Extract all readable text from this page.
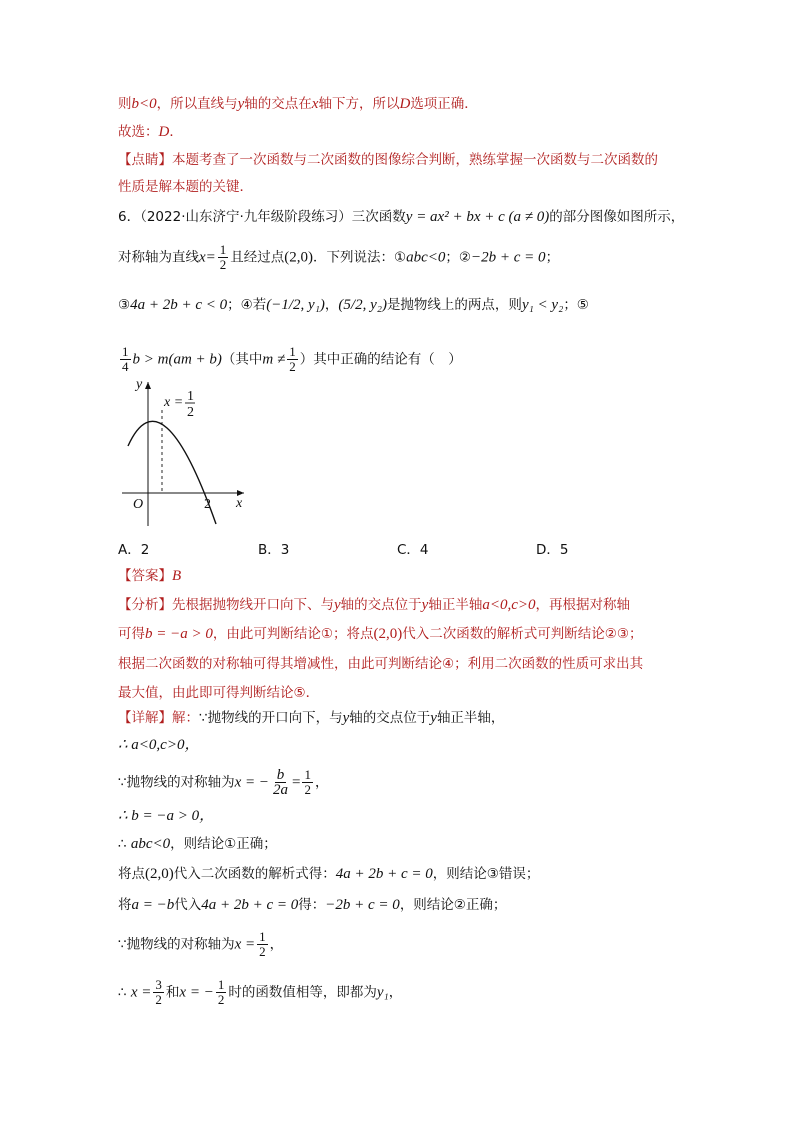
则b<0，所以直线与y轴的交点在x轴下方，所以D选项正确．
故选：D．
【点睛】本题考查了一次函数与二次函数的图像综合判断，熟练掌握一次函数与二次函数的
性质是解本题的关键．
6．（2022·山东济宁·九年级阶段练习）三次函数y = ax² + bx + c (a ≠ 0)的部分图像如图所示，
对称轴为直线$x= \frac{1}{2}$ 且经过点(2,0)．下列说法：①abc<0；②−2b + c = 0；
③4a + 2b + c < 0；④若(−1/2, y₁)，(5/2, y₂)是抛物线上的两点，则y₁ < y₂；⑤
$\frac{1}{4}$ b > m(am + b)（其中$m \ne \frac{1}{2}$ ）其中正确的结论有（　）
y
x
O	2
x = 1
2
A．2	B．3	C．4	D．5
【答案】B
【分析】先根据抛物线开口向下、与y轴的交点位于y轴正半轴a<0,c>0，再根据对称轴
可得b = −a > 0，由此可判断结论①；将点(2,0)代入二次函数的解析式可判断结论②③；
根据二次函数的对称轴可得其增减性，由此可判断结论④；利用二次函数的性质可求出其
最大值，由此即可得判断结论⑤．
【详解】解：∵抛物线的开口向下，与y轴的交点位于y轴正半轴，
∴ a<0,c>0，
∵抛物线的对称轴为x = − $\frac{b}{2a} = \frac{1}{2}$ ，
∴ b = −a > 0，
∴ abc<0，则结论①正确；
将点(2,0)代入二次函数的解析式得：4a + 2b + c = 0，则结论③错误；
将a = −b代入4a + 2b + c = 0得：−2b + c = 0，则结论②正确；
∵抛物线的对称轴为$x = \frac{1}{2}$ ，
∴ $x = \frac{3}{2}$ 和x = − $\frac{1}{2}$ 时的函数值相等，即都为y₁，
